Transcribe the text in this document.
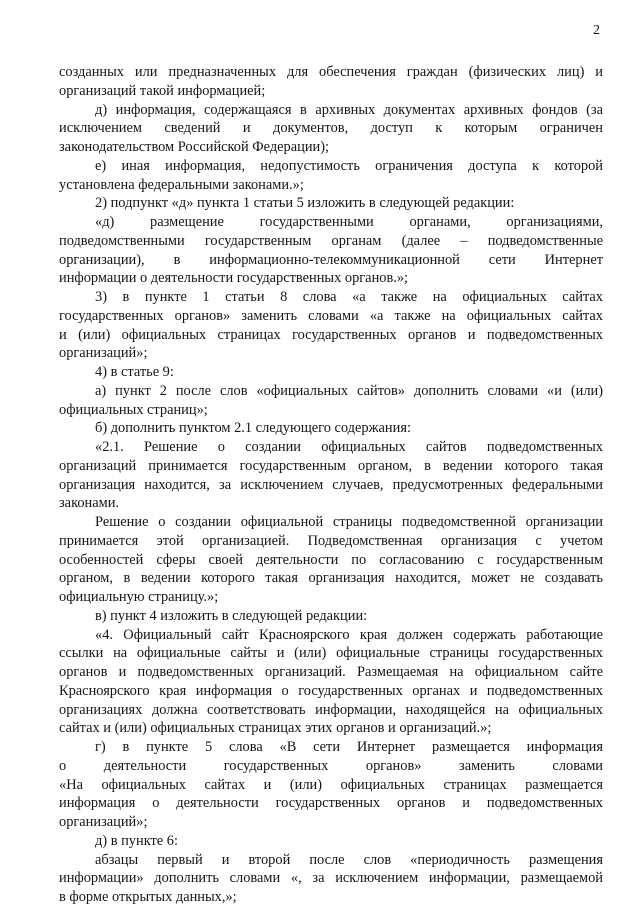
2
созданных или предназначенных для обеспечения граждан (физических лиц) и
организаций такой информацией;
д) информация, содержащаяся в архивных документах архивных фондов (за
исключением сведений и документов, доступ к которым ограничен
законодательством Российской Федерации);
е) иная информация, недопустимость ограничения доступа к которой
установлена федеральными законами.»;
2) подпункт «д» пункта 1 статьи 5 изложить в следующей редакции:
«д) размещение государственными органами, организациями,
подведомственными государственным органам (далее – подведомственные
организации), в информационно-телекоммуникационной сети Интернет
информации о деятельности государственных органов.»;
3) в пункте 1 статьи 8 слова «а также на официальных сайтах
государственных органов» заменить словами «а также на официальных сайтах
и (или) официальных страницах государственных органов и подведомственных
организаций»;
4) в статье 9:
а) пункт 2 после слов «официальных сайтов» дополнить словами «и (или)
официальных страниц»;
б) дополнить пунктом 2.1 следующего содержания:
«2.1. Решение о создании официальных сайтов подведомственных
организаций принимается государственным органом, в ведении которого такая
организация находится, за исключением случаев, предусмотренных федеральными
законами.
Решение о создании официальной страницы подведомственной организации
принимается этой организацией. Подведомственная организация с учетом
особенностей сферы своей деятельности по согласованию с государственным
органом, в ведении которого такая организация находится, может не создавать
официальную страницу.»;
в) пункт 4 изложить в следующей редакции:
«4. Официальный сайт Красноярского края должен содержать работающие
ссылки на официальные сайты и (или) официальные страницы государственных
органов и подведомственных организаций. Размещаемая на официальном сайте
Красноярского края информация о государственных органах и подведомственных
организациях должна соответствовать информации, находящейся на официальных
сайтах и (или) официальных страницах этих органов и организаций.»;
г) в пункте 5 слова «В сети Интернет размещается информация
о деятельности государственных органов» заменить словами
«На официальных сайтах и (или) официальных страницах размещается
информация о деятельности государственных органов и подведомственных
организаций»;
д) в пункте 6:
абзацы первый и второй после слов «периодичность размещения
информации» дополнить словами «, за исключением информации, размещаемой
в форме открытых данных,»;
